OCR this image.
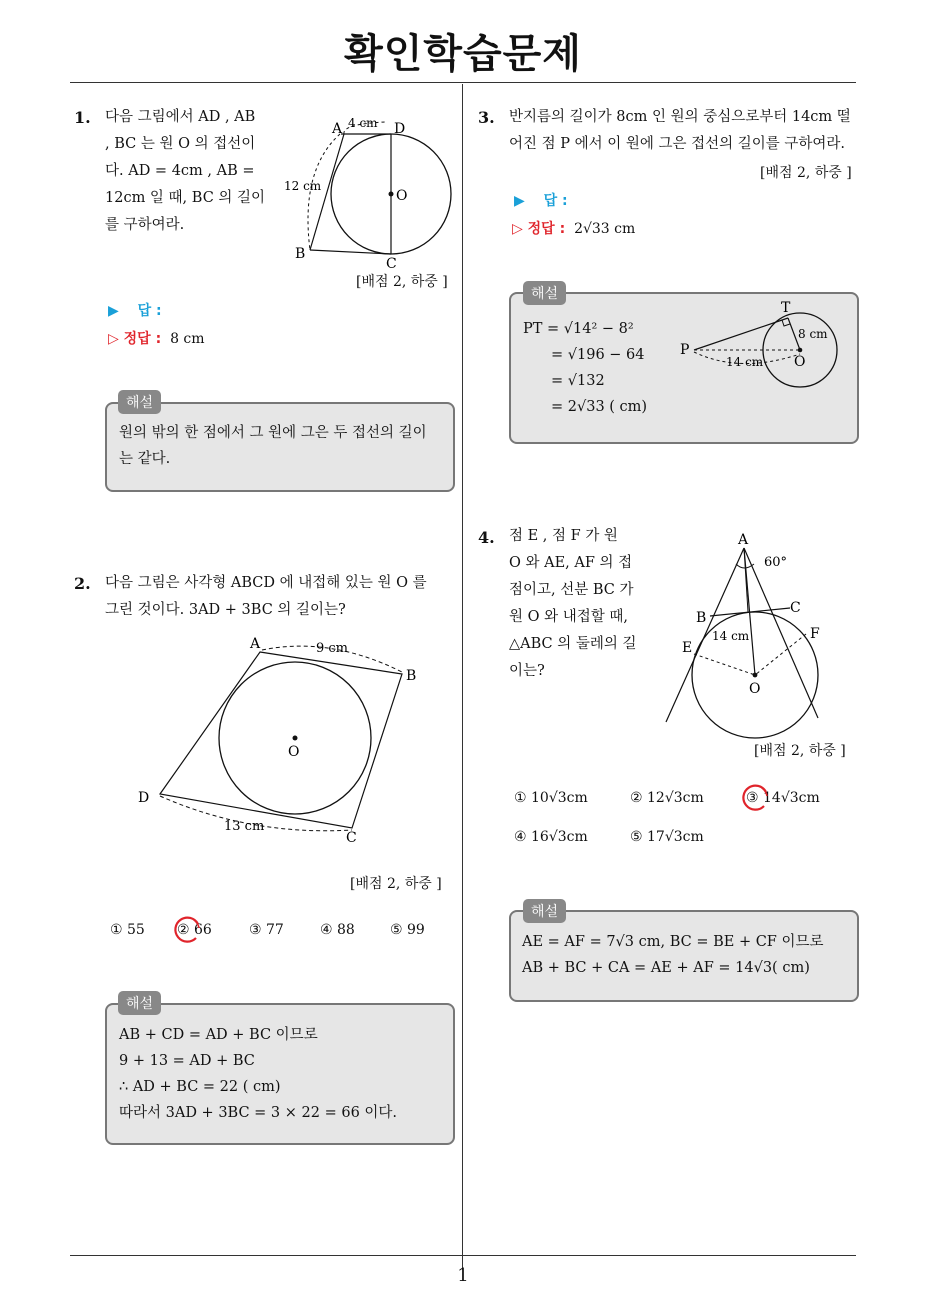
확인학습문제
1
1. 다음 그림에서 AD , AB
, BC 는 원 O 의 접선이
다. AD = 4cm , AB =
12cm 일 때, BC 의 길이
를 구하여라.
A	D
B
C
O
4 cm
12 cm
[배점 2, 하중 ]
▶ 답 :
▷ 정답 : 8 cm
해설
원의 밖의 한 점에서 그 원에 그은 두 접선의 길이
는 같다.
2. 다음 그림은 사각형 ABCD 에 내접해 있는 원 O 를
그린 것이다. 3AD + 3BC 의 길이는?
A
B
C
D
O
9 cm
13 cm
[배점 2, 하중 ]
① 55 ② 66	③ 77	④ 88	⑤ 99
해설
AB + CD = AD + BC 이므로
9 + 13 = AD + BC
∴ AD + BC = 22 ( cm)
따라서 3AD + 3BC = 3 × 22 = 66 이다.
3. 반지름의 길이가 8cm 인 원의 중심으로부터 14cm 떨
어진 점 P 에서 이 원에 그은 접선의 길이를 구하여라.
[배점 2, 하중 ]
▶ 답 :
▷ 정답 : 2√33 cm
해설
PT = √14² − 8²
= √196 − 64
= √132
= 2√33 ( cm)
P
T
O
14 cm
8 cm
4. 점 E , 점 F 가 원
O 와 AE, AF 의 접
점이고, 선분 BC 가
원 O 와 내접할 때,
△ABC 의 둘레의 길
이는?
A
B
C
E
F
O
60°
14 cm
[배점 2, 하중 ]
① 10√3cm	② 12√3cm	③ 14√3cm
④ 16√3cm	⑤ 17√3cm
해설
AE = AF = 7√3 cm, BC = BE + CF 이므로
AB + BC + CA = AE + AF = 14√3( cm)
